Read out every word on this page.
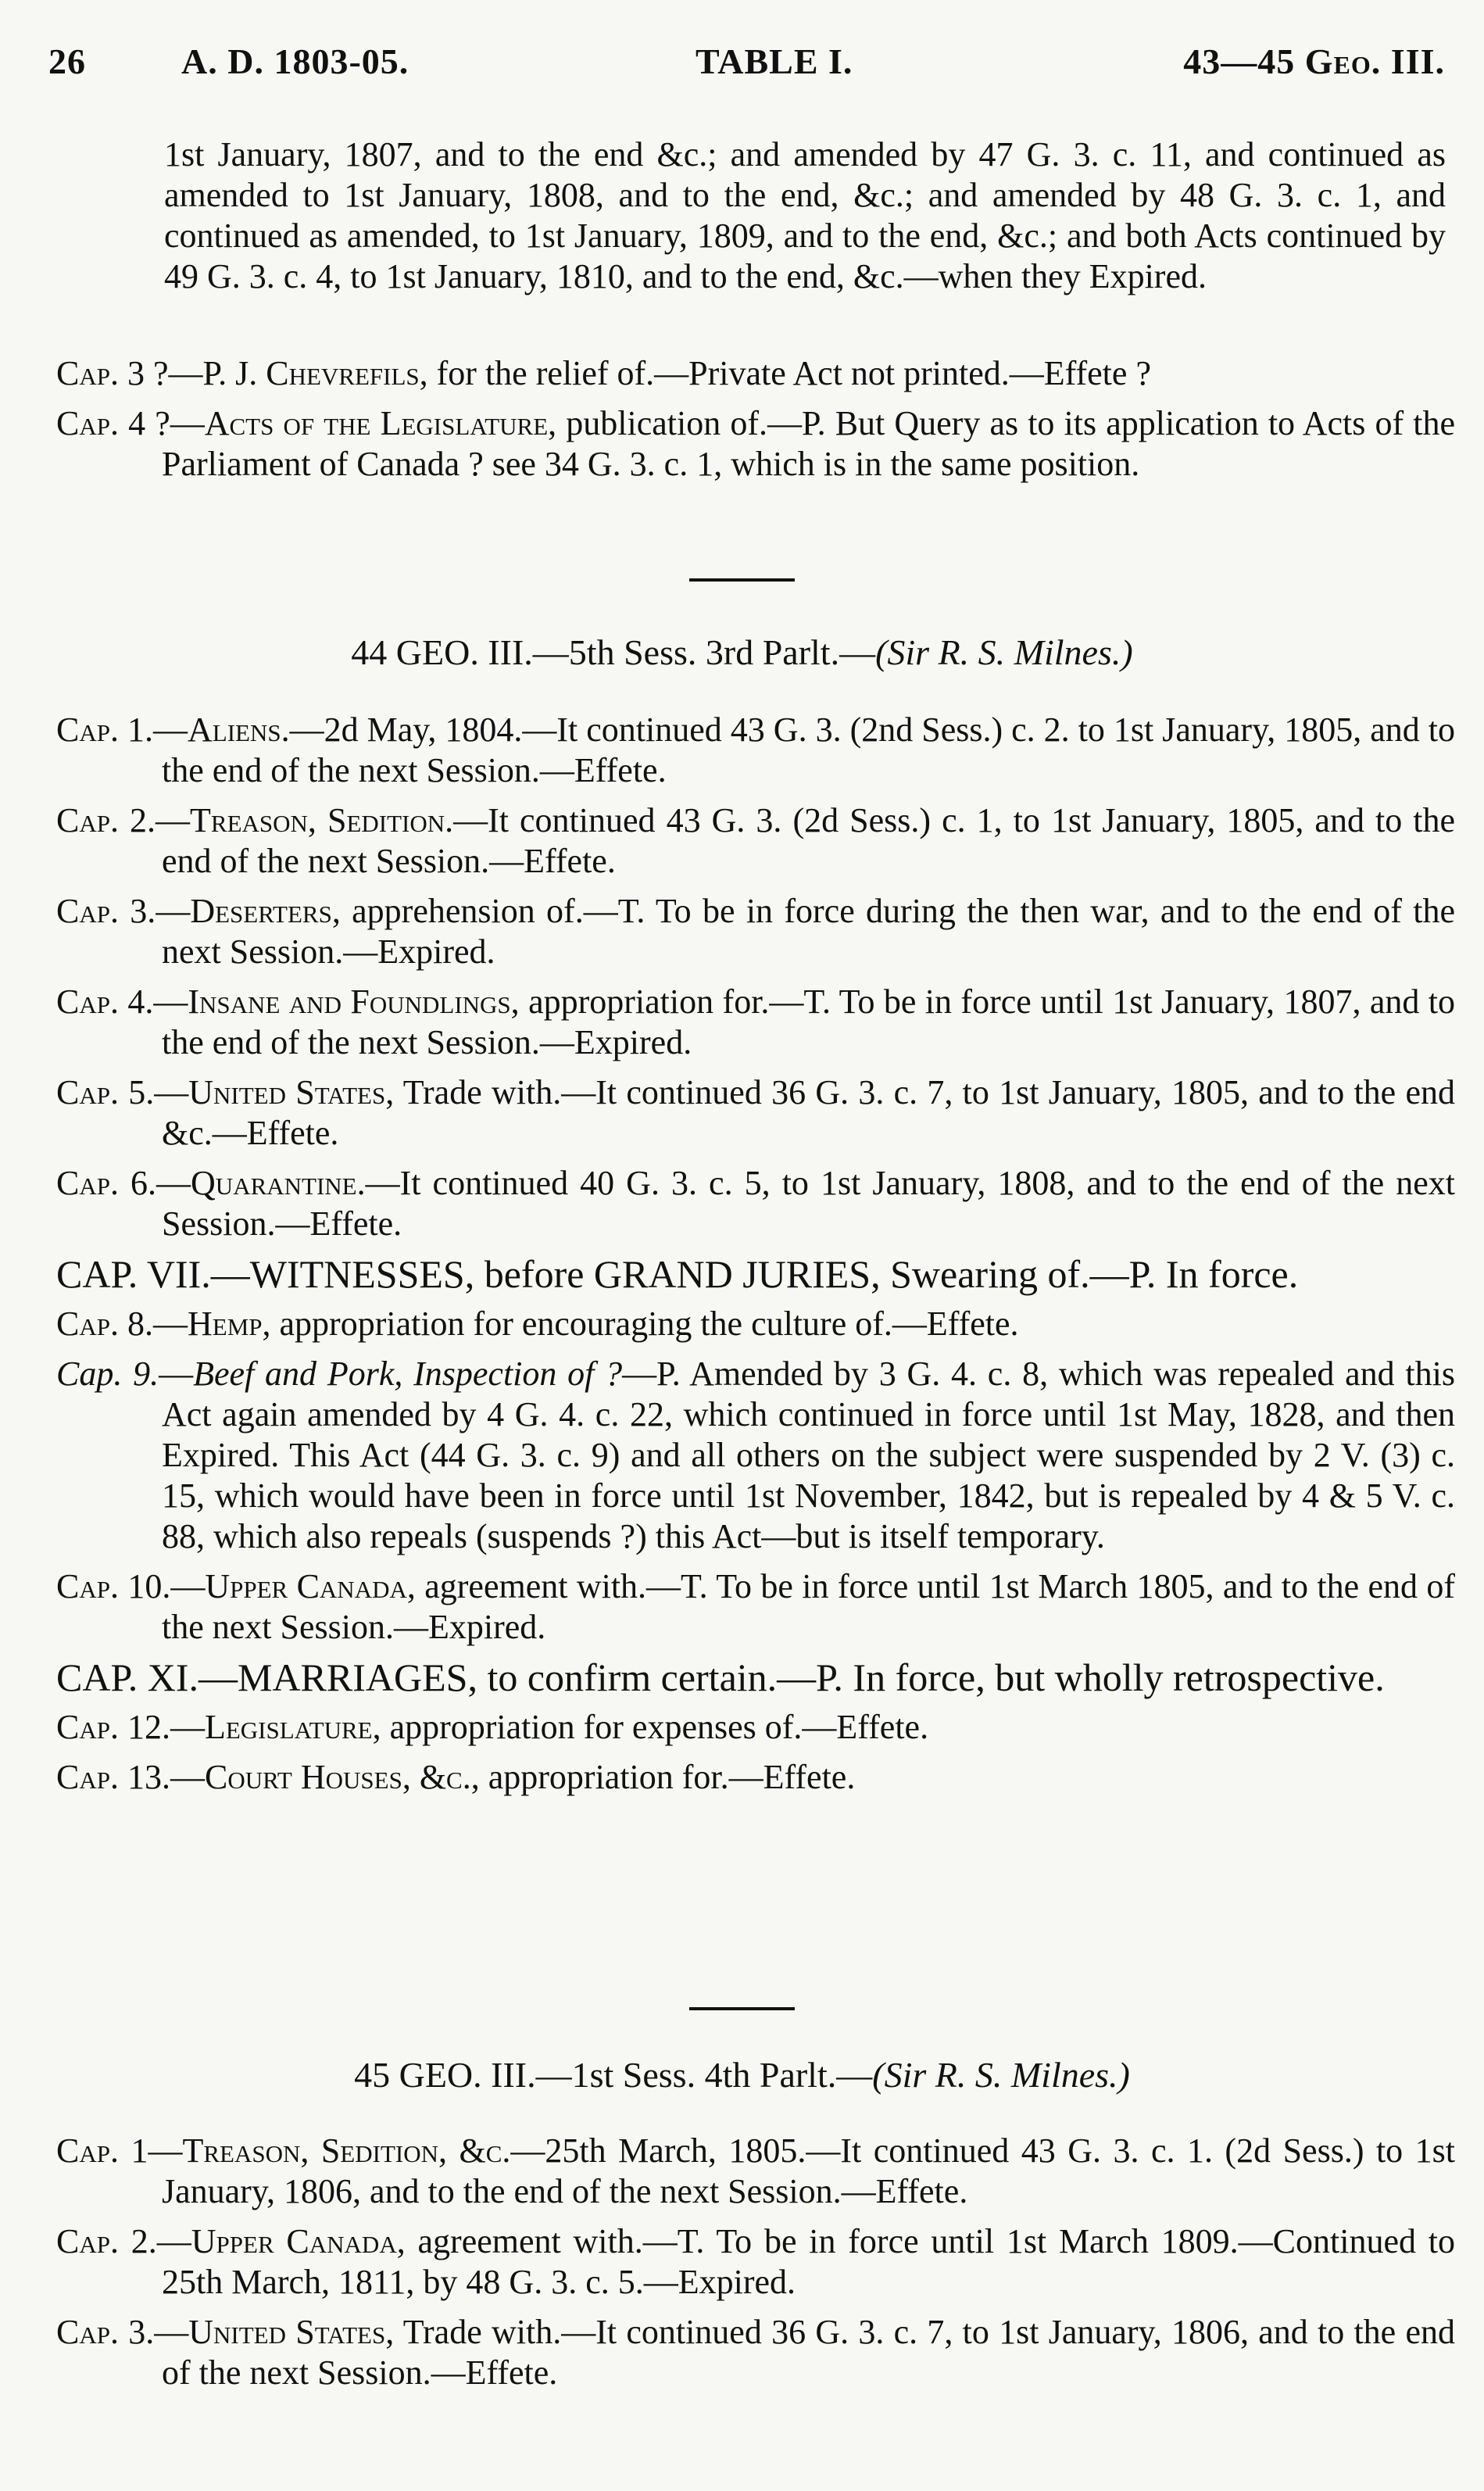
26	A. D. 1803-05.	TABLE I.	43—45 Geo. III.

1st January, 1807, and to the end &c.; and amended by 47 G. 3. c. 11, and continued as amended to 1st January, 1808, and to the end, &c.; and amended by 48 G. 3. c. 1, and continued as amended, to 1st January, 1809, and to the end, &c.; and both Acts continued by 49 G. 3. c. 4, to 1st January, 1810, and to the end, &c.—when they Expired.

Cap. 3 ?—P. J. Chevrefils, for the relief of.—Private Act not printed.—Effete ?

Cap. 4 ?—Acts of the Legislature, publication of.—P. But Query as to its application to Acts of the Parliament of Canada ? see 34 G. 3. c. 1, which is in the same position.

44 GEO. III.—5th Sess. 3rd Parlt.—(Sir R. S. Milnes.)

Cap. 1.—Aliens.—2d May, 1804.—It continued 43 G. 3. (2nd Sess.) c. 2. to 1st January, 1805, and to the end of the next Session.—Effete.

Cap. 2.—Treason, Sedition.—It continued 43 G. 3. (2d Sess.) c. 1, to 1st January, 1805, and to the end of the next Session.—Effete.

Cap. 3.—Deserters, apprehension of.—T. To be in force during the then war, and to the end of the next Session.—Expired.

Cap. 4.—Insane and Foundlings, appropriation for.—T. To be in force until 1st January, 1807, and to the end of the next Session.—Expired.

Cap. 5.—United States, Trade with.—It continued 36 G. 3. c. 7, to 1st January, 1805, and to the end &c.—Effete.

Cap. 6.—Quarantine.—It continued 40 G. 3. c. 5, to 1st January, 1808, and to the end of the next Session.—Effete.

CAP. VII.—WITNESSES, before GRAND JURIES, Swearing of.—P. In force.

Cap. 8.—Hemp, appropriation for encouraging the culture of.—Effete.

Cap. 9.—Beef and Pork, Inspection of ?—P. Amended by 3 G. 4. c. 8, which was repealed and this Act again amended by 4 G. 4. c. 22, which continued in force until 1st May, 1828, and then Expired. This Act (44 G. 3. c. 9) and all others on the subject were suspended by 2 V. (3) c. 15, which would have been in force until 1st November, 1842, but is repealed by 4 & 5 V. c. 88, which also repeals (suspends ?) this Act—but is itself temporary.

Cap. 10.—Upper Canada, agreement with.—T. To be in force until 1st March 1805, and to the end of the next Session.—Expired.

CAP. XI.—MARRIAGES, to confirm certain.—P. In force, but wholly retrospective.

Cap. 12.—Legislature, appropriation for expenses of.—Effete.

Cap. 13.—Court Houses, &c., appropriation for.—Effete.

45 GEO. III.—1st Sess. 4th Parlt.—(Sir R. S. Milnes.)

Cap. 1—Treason, Sedition, &c.—25th March, 1805.—It continued 43 G. 3. c. 1. (2d Sess.) to 1st January, 1806, and to the end of the next Session.—Effete.

Cap. 2.—Upper Canada, agreement with.—T. To be in force until 1st March 1809.—Continued to 25th March, 1811, by 48 G. 3. c. 5.—Expired.

Cap. 3.—United States, Trade with.—It continued 36 G. 3. c. 7, to 1st January, 1806, and to the end of the next Session.—Effete.
